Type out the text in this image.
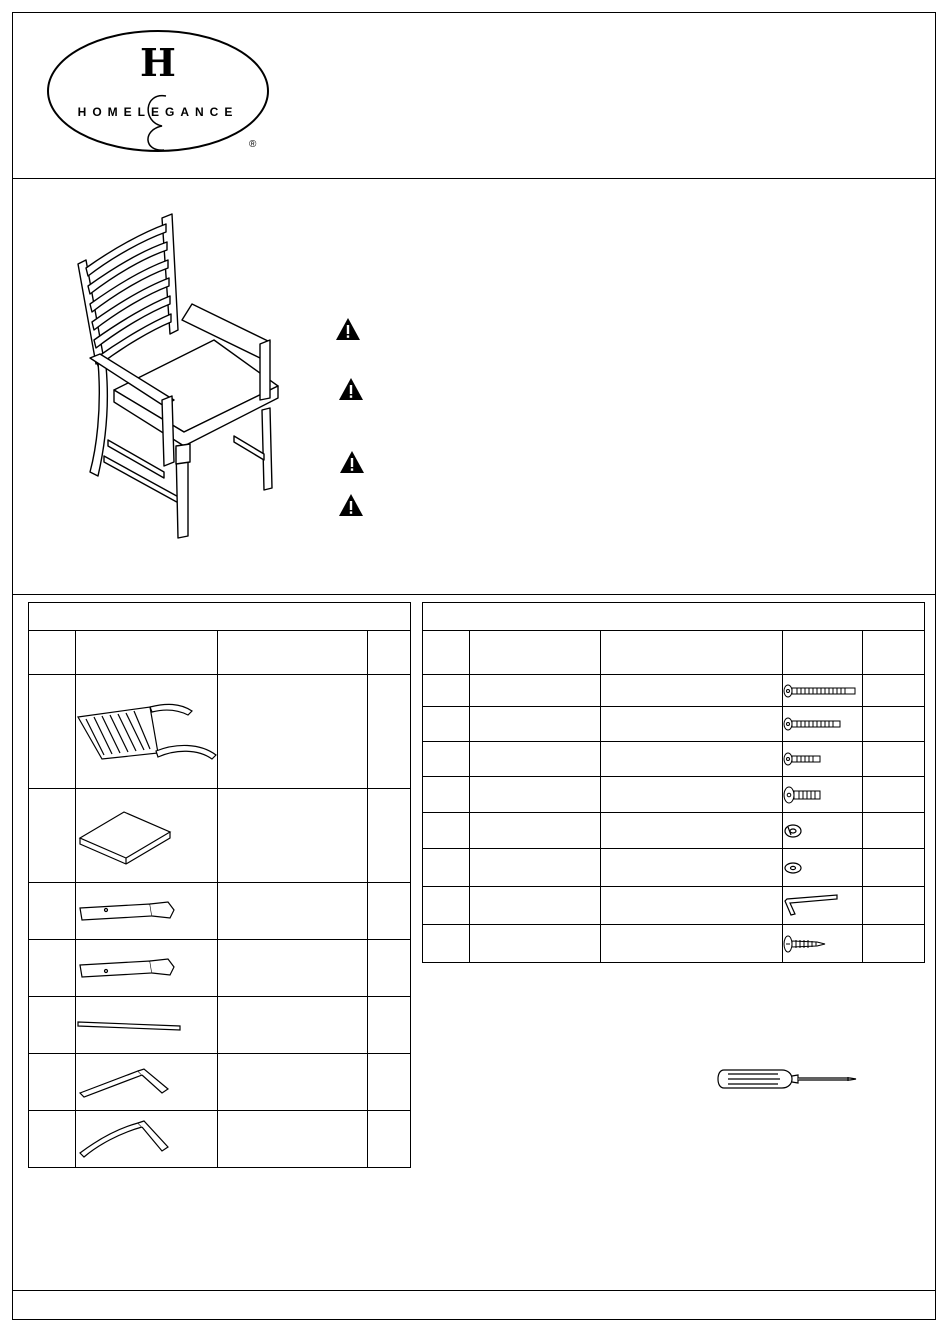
H
HOMELEGANCE
®
